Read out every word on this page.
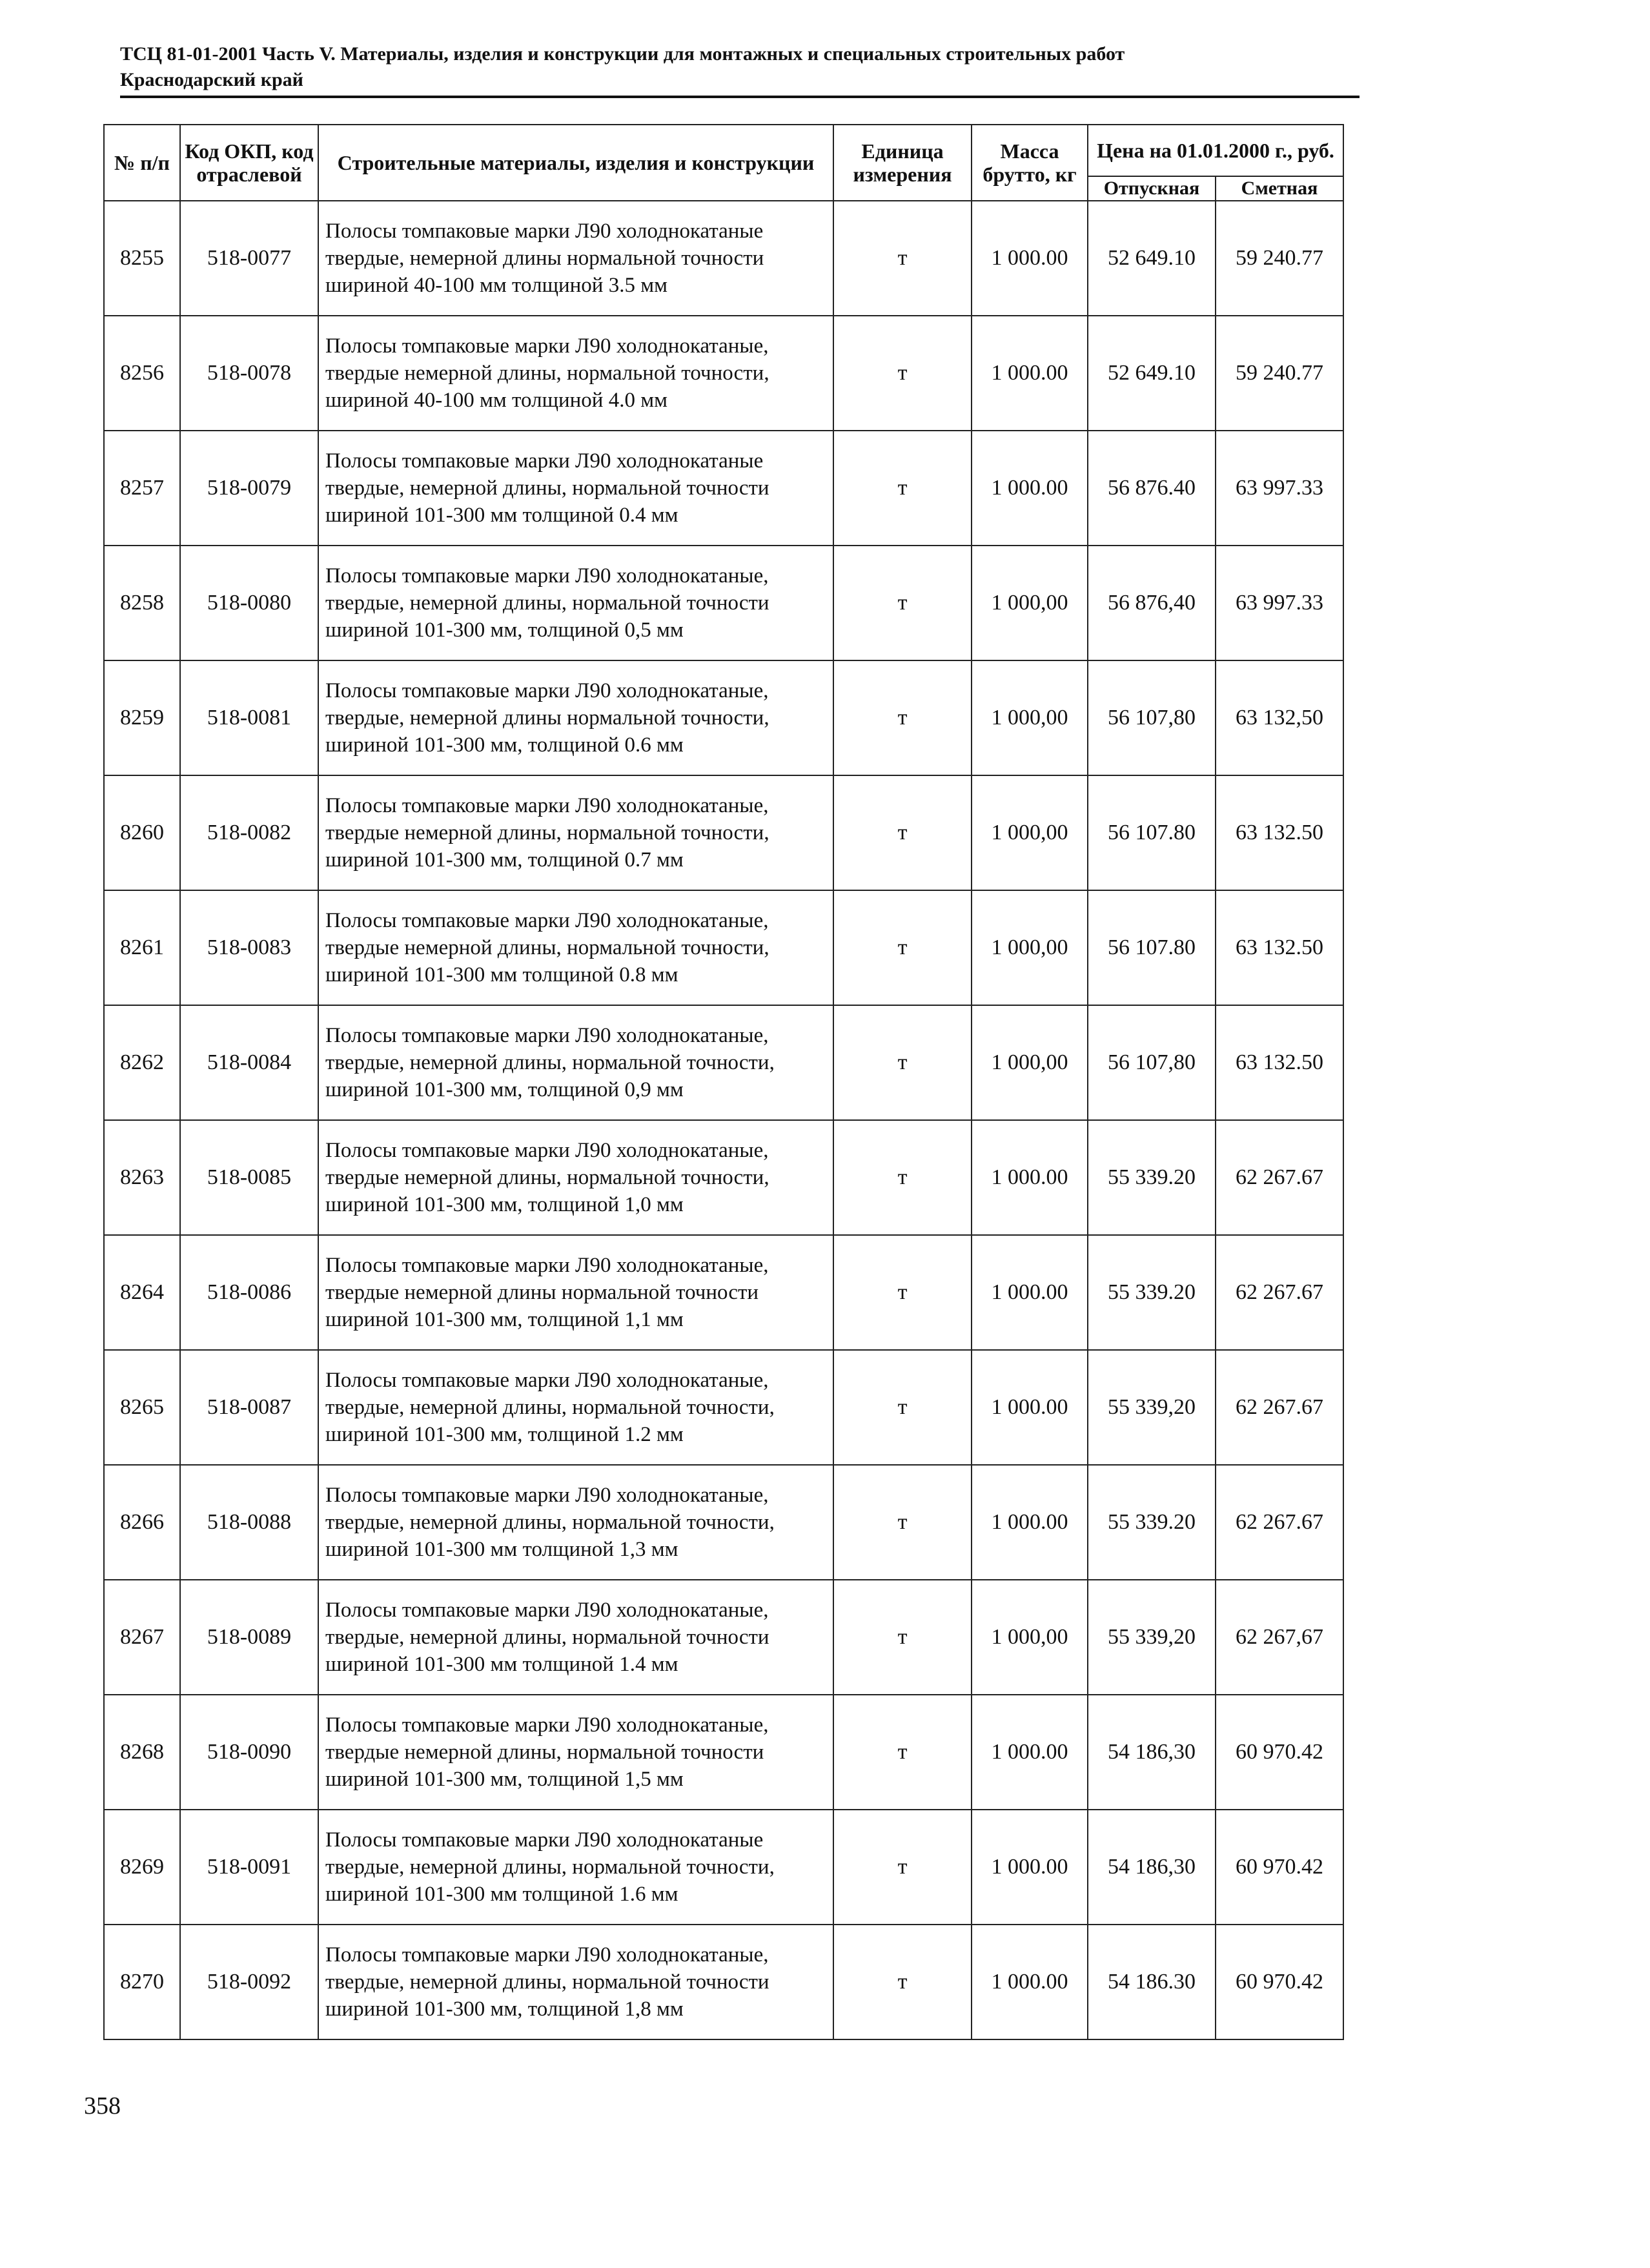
ТСЦ 81-01-2001 Часть V. Материалы, изделия и конструкции для монтажных и специальных строительных работ
Краснодарский край
№ п/п	Код ОКП, код отраслевой	Строительные материалы, изделия и конструкции	Единица измерения	Масса брутто, кг	Цена на 01.01.2000 г., руб.	
					Отпускная	Сметная
8255	518-0077	Полосы томпаковые марки Л90 холоднокатаные твердые, немерной длины нормальной точности шириной 40-100 мм толщиной 3.5 мм	т	1 000.00	52 649.10	59 240.77
8256	518-0078	Полосы томпаковые марки Л90 холоднокатаные, твердые немерной длины, нормальной точности, шириной 40-100 мм толщиной 4.0 мм	т	1 000.00	52 649.10	59 240.77
8257	518-0079	Полосы томпаковые марки Л90 холоднокатаные твердые, немерной длины, нормальной точности шириной 101-300 мм толщиной 0.4 мм	т	1 000.00	56 876.40	63 997.33
8258	518-0080	Полосы томпаковые марки Л90 холоднокатаные, твердые, немерной длины, нормальной точности шириной 101-300 мм, толщиной 0,5 мм	т	1 000,00	56 876,40	63 997.33
8259	518-0081	Полосы томпаковые марки Л90 холоднокатаные, твердые, немерной длины нормальной точности, шириной 101-300 мм, толщиной 0.6 мм	т	1 000,00	56 107,80	63 132,50
8260	518-0082	Полосы томпаковые марки Л90 холоднокатаные, твердые немерной длины, нормальной точности, шириной 101-300 мм, толщиной 0.7 мм	т	1 000,00	56 107.80	63 132.50
8261	518-0083	Полосы томпаковые марки Л90 холоднокатаные, твердые немерной длины, нормальной точности, шириной 101-300 мм толщиной 0.8 мм	т	1 000,00	56 107.80	63 132.50
8262	518-0084	Полосы томпаковые марки Л90 холоднокатаные, твердые, немерной длины, нормальной точности, шириной 101-300 мм, толщиной 0,9 мм	т	1 000,00	56 107,80	63 132.50
8263	518-0085	Полосы томпаковые марки Л90 холоднокатаные, твердые немерной длины, нормальной точности, шириной 101-300 мм, толщиной 1,0 мм	т	1 000.00	55 339.20	62 267.67
8264	518-0086	Полосы томпаковые марки Л90 холоднокатаные, твердые немерной длины нормальной точности шириной 101-300 мм, толщиной 1,1 мм	т	1 000.00	55 339.20	62 267.67
8265	518-0087	Полосы томпаковые марки Л90 холоднокатаные, твердые, немерной длины, нормальной точности, шириной 101-300 мм, толщиной 1.2 мм	т	1 000.00	55 339,20	62 267.67
8266	518-0088	Полосы томпаковые марки Л90 холоднокатаные, твердые, немерной длины, нормальной точности, шириной 101-300 мм толщиной 1,3 мм	т	1 000.00	55 339.20	62 267.67
8267	518-0089	Полосы томпаковые марки Л90 холоднокатаные, твердые, немерной длины, нормальной точности шириной 101-300 мм толщиной 1.4 мм	т	1 000,00	55 339,20	62 267,67
8268	518-0090	Полосы томпаковые марки Л90 холоднокатаные, твердые немерной длины, нормальной точности шириной 101-300 мм, толщиной 1,5 мм	т	1 000.00	54 186,30	60 970.42
8269	518-0091	Полосы томпаковые марки Л90 холоднокатаные твердые, немерной длины, нормальной точности, шириной 101-300 мм толщиной 1.6 мм	т	1 000.00	54 186,30	60 970.42
8270	518-0092	Полосы томпаковые марки Л90 холоднокатаные, твердые, немерной длины, нормальной точности шириной 101-300 мм, толщиной 1,8 мм	т	1 000.00	54 186.30	60 970.42
358
